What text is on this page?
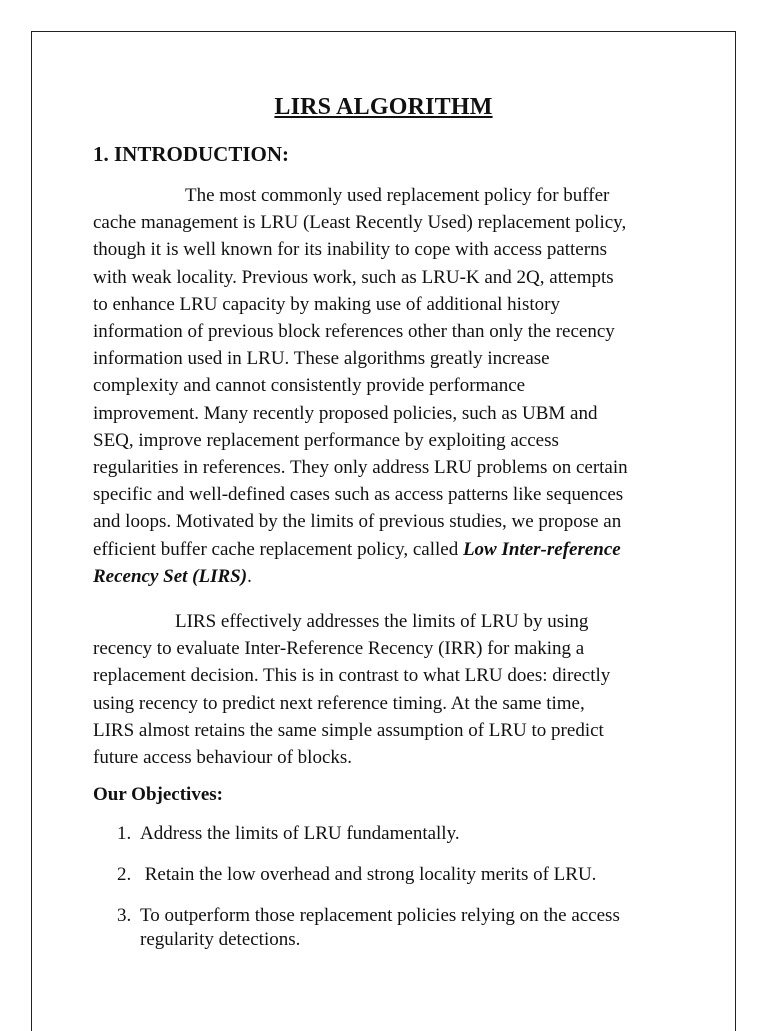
LIRS ALGORITHM
1. INTRODUCTION:
The most commonly used replacement policy for buffer
cache management is LRU (Least Recently Used) replacement policy,
though it is well known for its inability to cope with access patterns
with weak locality. Previous work, such as LRU-K and 2Q, attempts
to enhance LRU capacity by making use of additional history
information of previous block references other than only the recency
information used in LRU. These algorithms greatly increase
complexity and cannot consistently provide performance
improvement. Many recently proposed policies, such as UBM and
SEQ, improve replacement performance by exploiting access
regularities in references. They only address LRU problems on certain
specific and well-defined cases such as access patterns like sequences
and loops. Motivated by the limits of previous studies, we propose an
efficient buffer cache replacement policy, called Low Inter-reference
Recency Set (LIRS).
LIRS effectively addresses the limits of LRU by using
recency to evaluate Inter-Reference Recency (IRR) for making a
replacement decision. This is in contrast to what LRU does: directly
using recency to predict next reference timing. At the same time,
LIRS almost retains the same simple assumption of LRU to predict
future access behaviour of blocks.
Our Objectives:
1. Address the limits of LRU fundamentally.
2. Retain the low overhead and strong locality merits of LRU.
3. To outperform those replacement policies relying on the access
regularity detections.
